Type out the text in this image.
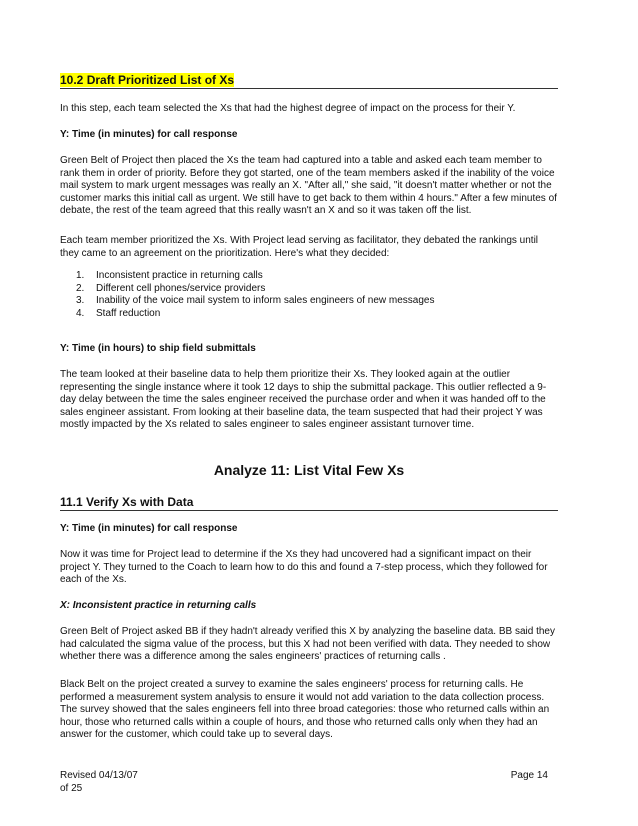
10.2 Draft Prioritized List of Xs

In this step, each team selected the Xs that had the highest degree of impact on the process for their Y.

Y: Time (in minutes) for call response

Green Belt of Project then placed the Xs the team had captured into a table and asked each team member to rank them in order of priority. Before they got started, one of the team members asked if the inability of the voice mail system to mark urgent messages was really an X. "After all," she said, "it doesn't matter whether or not the customer marks this initial call as urgent. We still have to get back to them within 4 hours." After a few minutes of debate, the rest of the team agreed that this really wasn't an X and so it was taken off the list.

Each team member prioritized the Xs. With Project lead serving as facilitator, they debated the rankings until they came to an agreement on the prioritization. Here's what they decided:

1. Inconsistent practice in returning calls
2. Different cell phones/service providers
3. Inability of the voice mail system to inform sales engineers of new messages
4. Staff reduction

Y: Time (in hours) to ship field submittals

The team looked at their baseline data to help them prioritize their Xs. They looked again at the outlier representing the single instance where it took 12 days to ship the submittal package. This outlier reflected a 9-day delay between the time the sales engineer received the purchase order and when it was handed off to the sales engineer assistant. From looking at their baseline data, the team suspected that had their project Y was mostly impacted by the Xs related to sales engineer to sales engineer assistant turnover time.

Analyze 11: List Vital Few Xs
11.1 Verify Xs with Data

Y: Time (in minutes) for call response

Now it was time for Project lead to determine if the Xs they had uncovered had a significant impact on their project Y. They turned to the Coach to learn how to do this and found a 7-step process, which they followed for each of the Xs.

X: Inconsistent practice in returning calls

Green Belt of Project asked BB if they hadn't already verified this X by analyzing the baseline data. BB said they had calculated the sigma value of the process, but this X had not been verified with data. They needed to show whether there was a difference among the sales engineers' practices of returning calls .

Black Belt on the project created a survey to examine the sales engineers' process for returning calls. He performed a measurement system analysis to ensure it would not add variation to the data collection process. The survey showed that the sales engineers fell into three broad categories: those who returned calls within an hour, those who returned calls within a couple of hours, and those who returned calls only when they had an answer for the customer, which could take up to several days.

Revised 04/13/07
of 25
Page 14
